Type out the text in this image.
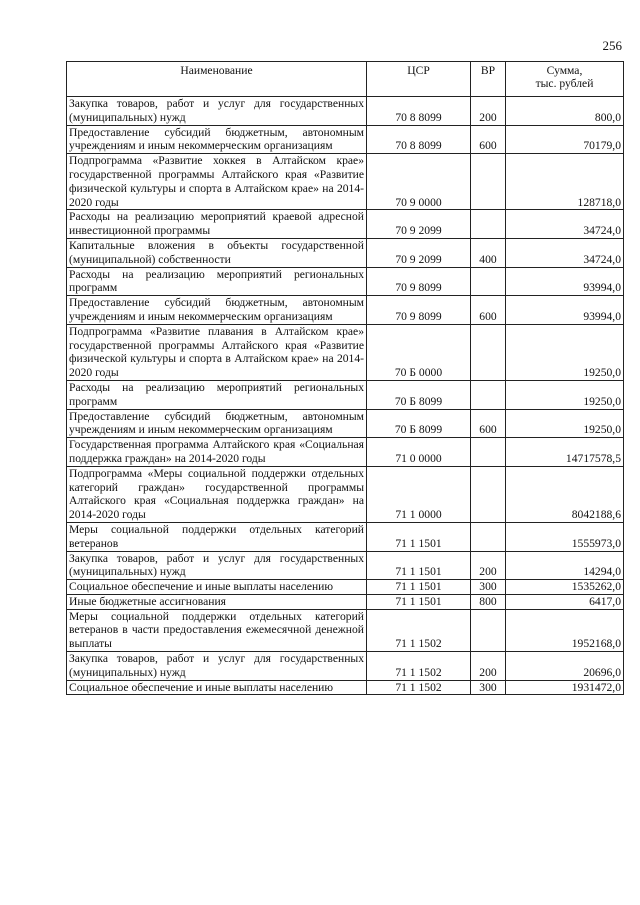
256
Наименование	ЦСР	ВР	Сумма,
тыс. рублей
Закупка товаров, работ и услуг для государственных (муниципальных) нужд	70 8 8099	200	800,0
Предоставление субсидий бюджетным, автономным учреждениям и иным некоммерческим организациям	70 8 8099	600	70179,0
Подпрограмма «Развитие хоккея в Алтайском крае» государственной программы Алтайского края «Развитие физической культуры и спорта в Алтайском крае» на 2014-2020 годы	70 9 0000		128718,0
Расходы на реализацию мероприятий краевой адресной инвестиционной программы	70 9 2099		34724,0
Капитальные вложения в объекты государственной (муниципальной) собственности	70 9 2099	400	34724,0
Расходы на реализацию мероприятий региональных программ	70 9 8099		93994,0
Предоставление субсидий бюджетным, автономным учреждениям и иным некоммерческим организациям	70 9 8099	600	93994,0
Подпрограмма «Развитие плавания в Алтайском крае» государственной программы Алтайского края «Развитие физической культуры и спорта в Алтайском крае» на 2014-2020 годы	70 Б 0000		19250,0
Расходы на реализацию мероприятий региональных программ	70 Б 8099		19250,0
Предоставление субсидий бюджетным, автономным учреждениям и иным некоммерческим организациям	70 Б 8099	600	19250,0
Государственная программа Алтайского края «Социальная поддержка граждан» на 2014-2020 годы	71 0 0000		14717578,5
Подпрограмма «Меры социальной поддержки отдельных категорий граждан» государственной программы Алтайского края «Социальная поддержка граждан» на 2014-2020 годы	71 1 0000		8042188,6
Меры социальной поддержки отдельных категорий ветеранов	71 1 1501		1555973,0
Закупка товаров, работ и услуг для государственных (муниципальных) нужд	71 1 1501	200	14294,0
Социальное обеспечение и иные выплаты населению	71 1 1501	300	1535262,0
Иные бюджетные ассигнования	71 1 1501	800	6417,0
Меры социальной поддержки отдельных категорий ветеранов в части предоставления ежемесячной денежной выплаты	71 1 1502		1952168,0
Закупка товаров, работ и услуг для государственных (муниципальных) нужд	71 1 1502	200	20696,0
Социальное обеспечение и иные выплаты населению	71 1 1502	300	1931472,0
